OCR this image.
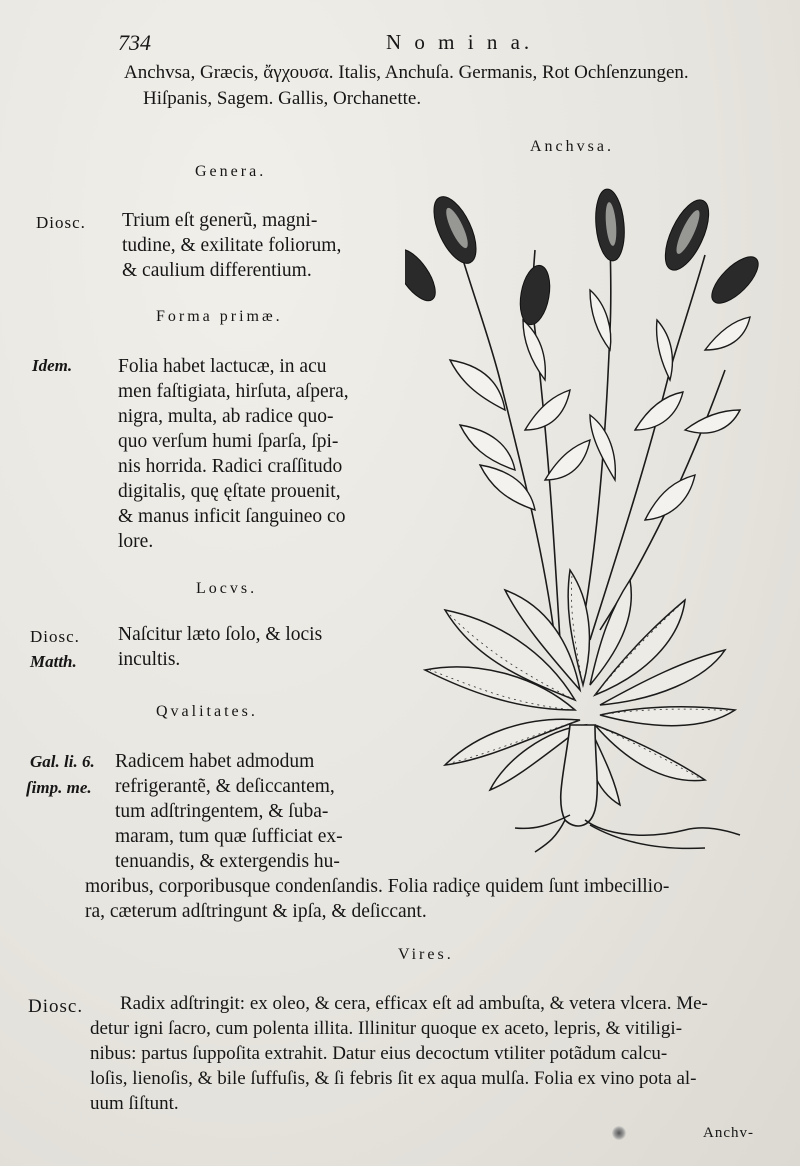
734	N o m i n a.
Anchvsa, Græcis, ἄγχουσα. Italis, Anchuſa. Germanis, Rot Ochſenzungen.
Hiſpanis, Sagem. Gallis, Orchanette.
Anchvsa.
Genera.
Diosc. Trium eſt generũ, magni-
tudine, & exilitate foliorum,
& caulium differentium.
Forma primæ.
Idem. Folia habet lactucæ, in acu
men faſtigiata, hirſuta, aſpera,
nigra, multa, ab radice quo-
quo verſum humi ſparſa, ſpi-
nis horrida. Radici craſſitudo
digitalis, quę ęſtate prouenit,
& manus inficit ſanguineo co
lore.
Locvs.
Diosc.
Matth.
Naſcitur læto ſolo, & locis
incultis.
Qvalitates.
Gal. li. 6.
ſimp. me.
Radicem habet admodum
refrigerantẽ, & deſiccantem,
tum adſtringentem, & ſuba-
maram, tum quæ ſufficiat ex-
tenuandis, & extergendis hu-
moribus, corporibusque condenſandis. Folia radiçe quidem ſunt imbecillio-
ra, cæterum adſtringunt & ipſa, & deſiccant.
Vires.
Diosc. Radix adſtringit: ex oleo, & cera, efficax eſt ad ambuſta, & vetera vlcera. Me-
detur igni ſacro, cum polenta illita. Illinitur quoque ex aceto, lepris, & vitiligi-
nibus: partus ſuppoſita extrahit. Datur eius decoctum vtiliter potãdum calcu-
loſis, lienoſis, & bile ſuffuſis, & ſi febris ſit ex aqua mulſa. Folia ex vino pota al-
uum ſiſtunt.
Anchv-
